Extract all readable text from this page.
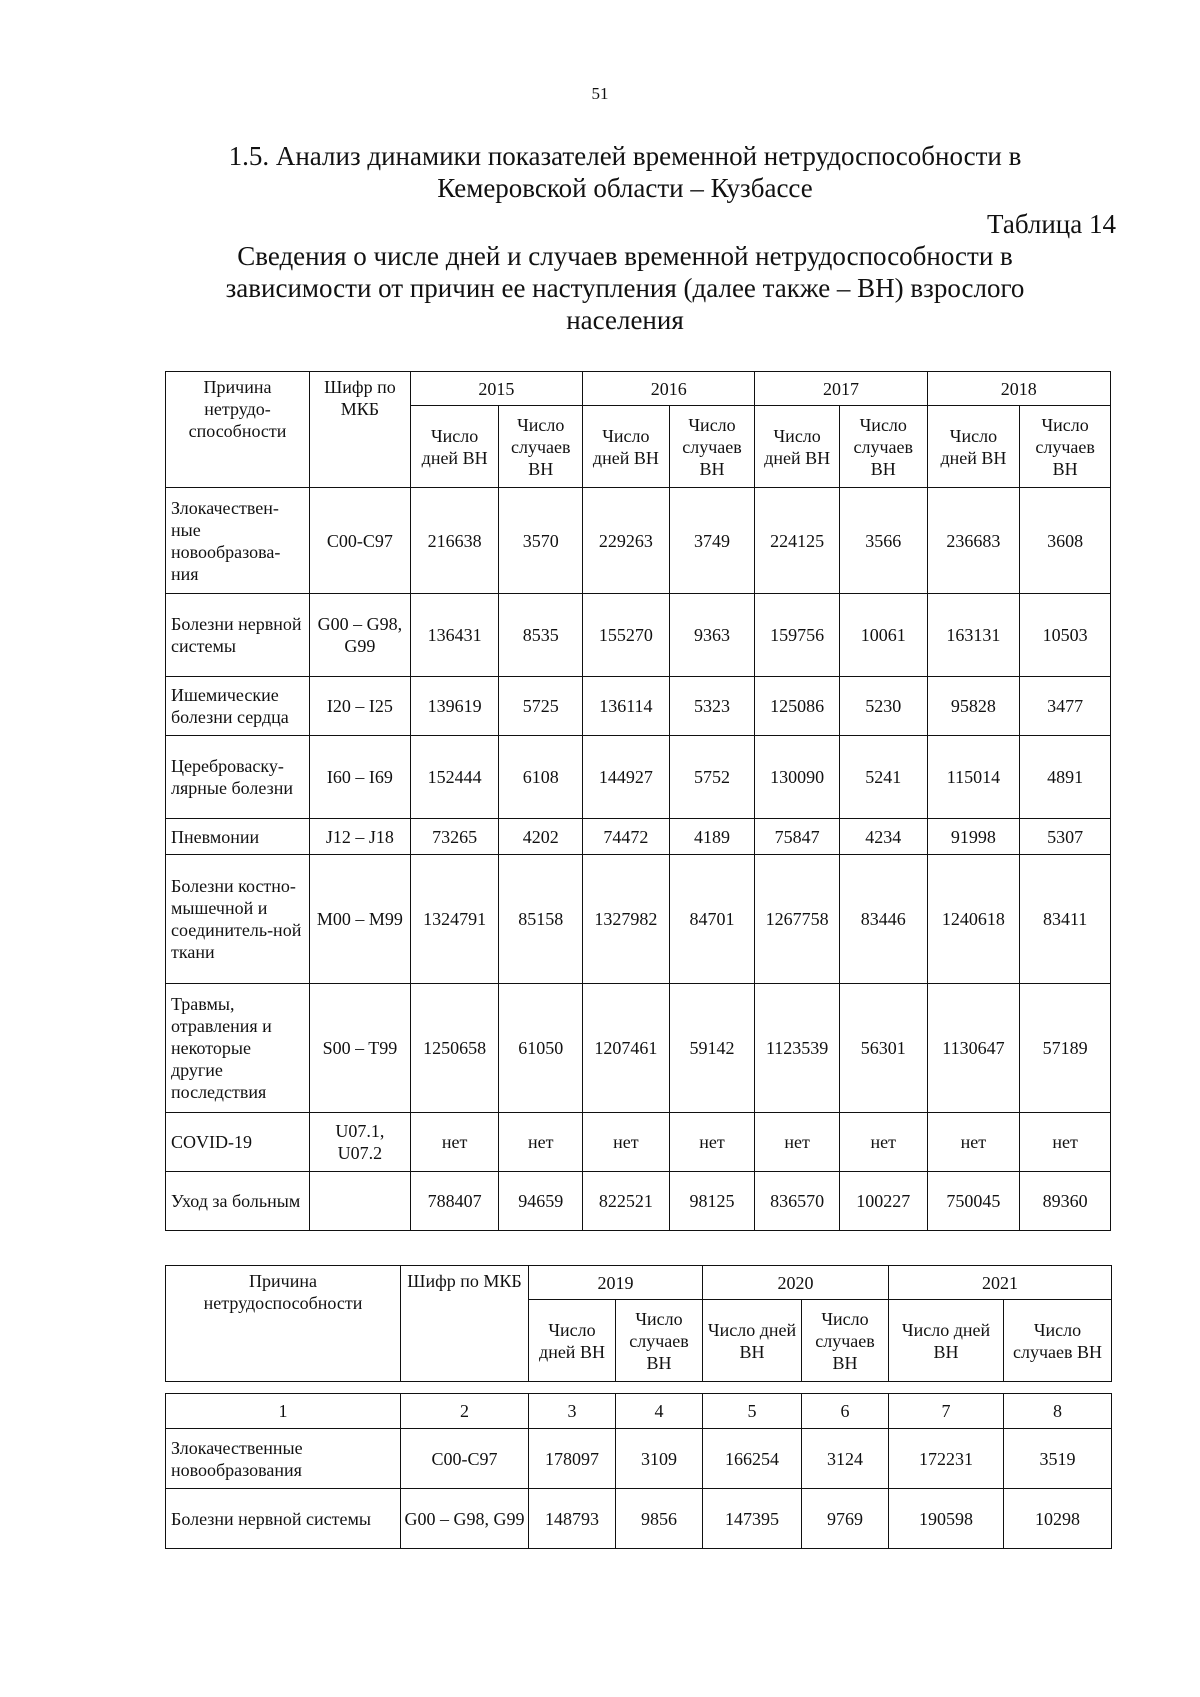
51
1.5. Анализ динамики показателей временной нетрудоспособности в Кемеровской области – Кузбассе
Таблица 14
Сведения о числе дней и случаев временной нетрудоспособности в зависимости от причин ее наступления (далее также – ВН) взрослого населения
Причина нетрудо-способности	Шифр по МКБ	2015		2016		2017		2018	
		Число дней ВН	Число случаев ВН	Число дней ВН	Число случаев ВН	Число дней ВН	Число случаев ВН	Число дней ВН	Число случаев ВН
Злокачествен-ные новообразова-ния	C00-C97	216638	3570	229263	3749	224125	3566	236683	3608
Болезни нервной системы	G00 – G98, G99	136431	8535	155270	9363	159756	10061	163131	10503
Ишемические болезни сердца	I20 – I25	139619	5725	136114	5323	125086	5230	95828	3477
Цереброваску-лярные болезни	I60 – I69	152444	6108	144927	5752	130090	5241	115014	4891
Пневмонии	J12 – J18	73265	4202	74472	4189	75847	4234	91998	5307
Болезни костно-мышечной и соединитель-ной ткани	M00 – M99	1324791	85158	1327982	84701	1267758	83446	1240618	83411
Травмы, отравления и некоторые другие последствия	S00 – T99	1250658	61050	1207461	59142	1123539	56301	1130647	57189
COVID-19	U07.1, U07.2	нет	нет	нет	нет	нет	нет	нет	нет
Уход за больным		788407	94659	822521	98125	836570	100227	750045	89360
Причина нетрудоспособности	Шифр по МКБ	2019		2020		2021	
		Число дней ВН	Число случаев ВН	Число дней ВН	Число случаев ВН	Число дней ВН	Число случаев ВН
1	2	3	4	5	6	7	8
Злокачественные новообразования	C00-C97	178097	3109	166254	3124	172231	3519
Болезни нервной системы	G00 – G98, G99	148793	9856	147395	9769	190598	10298
